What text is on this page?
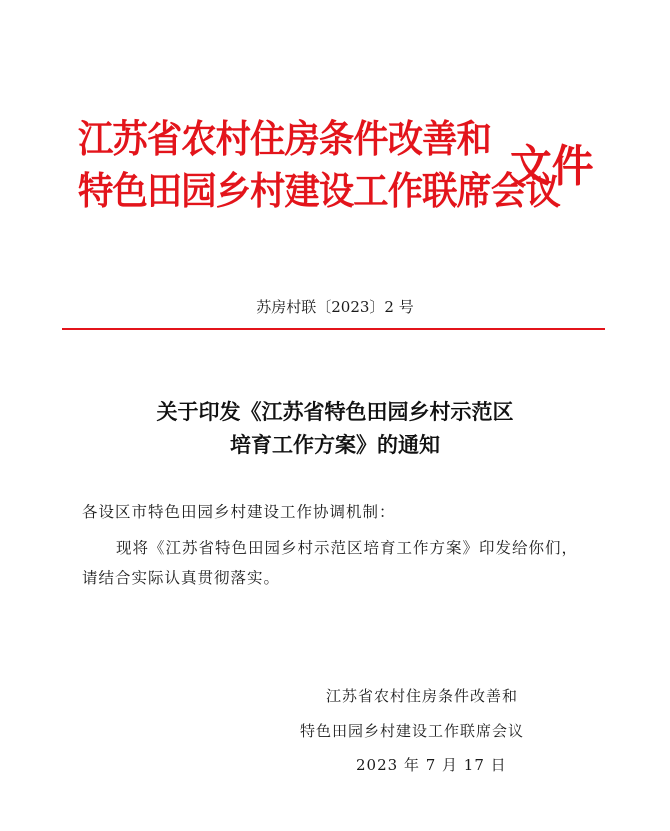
江苏省农村住房条件改善和
特色田园乡村建设工作联席会议
文件
苏房村联〔2023〕2 号
关于印发《江苏省特色田园乡村示范区
培育工作方案》的通知
各设区市特色田园乡村建设工作协调机制：
现将《江苏省特色田园乡村示范区培育工作方案》印发给你们，
请结合实际认真贯彻落实。
江苏省农村住房条件改善和
特色田园乡村建设工作联席会议
2023 年 7 月 17 日
